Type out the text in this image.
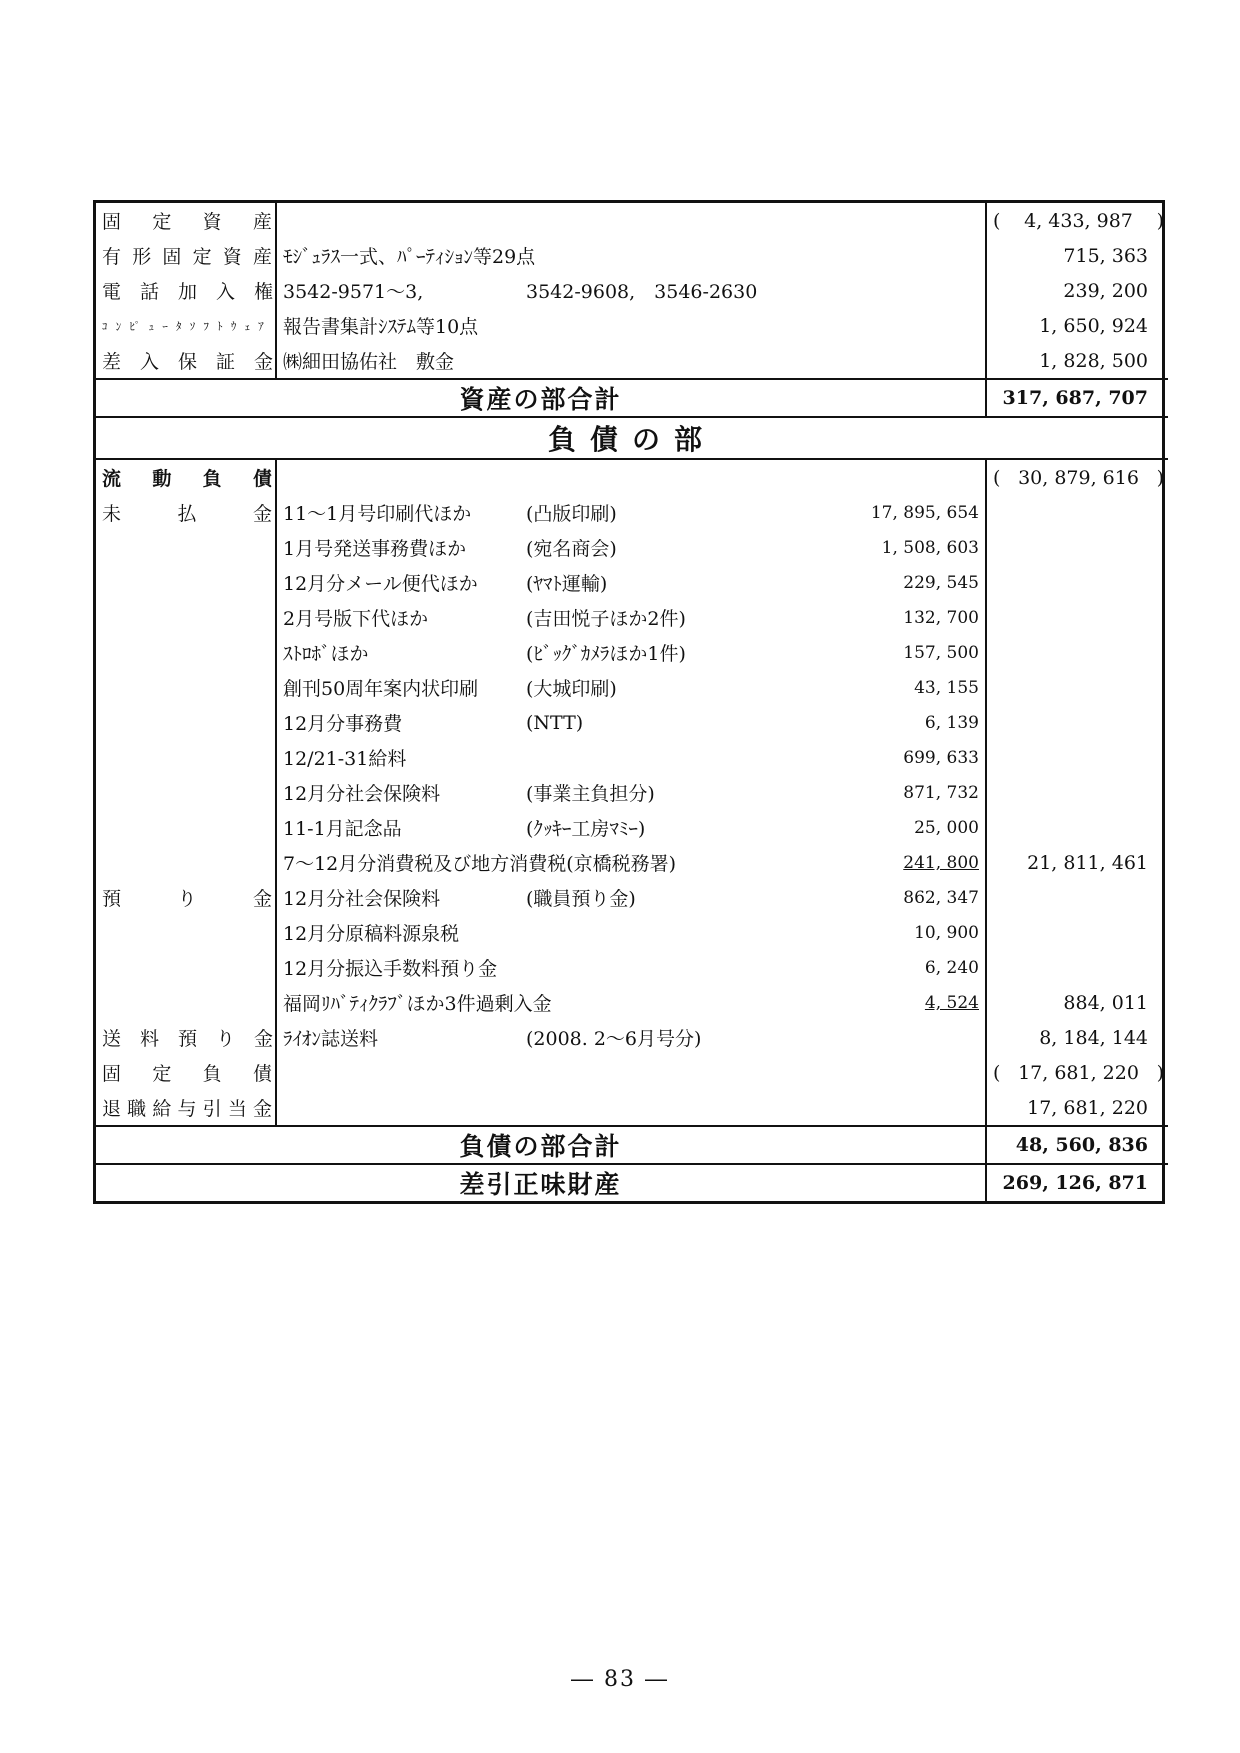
固　定　資　産				( 4, 433, 987 )

有形固定資産	ﾓｼﾞｭﾗｽ一式、ﾊﾟｰﾃｨｼｮﾝ等29点			715, 363

電　話　加　入　権	3542-9571～3,	3542-9608,　3546-2630		239, 200

ｺﾝﾋﾟｭｰﾀｿﾌﾄｳｪｱ	報告書集計ｼｽﾃﾑ等10点			1, 650, 924

差　入　保　証　金	㈱細田協佑社　敷金			1, 828, 500
資産の部合計				317, 687, 707
負債の部				

流　動　負　債				( 30, 879, 616 )

未　　払　　金	11～1月号印刷代ほか	(凸版印刷)	17, 895, 654	
	1月号発送事務費ほか	(宛名商会)	1, 508, 603	
	12月分メール便代ほか	(ﾔﾏﾄ運輸)	229, 545	
	2月号版下代ほか	(吉田悦子ほか2件)	132, 700	
	ｽﾄﾛﾎﾞほか	(ﾋﾞｯｸﾞｶﾒﾗほか1件)	157, 500	
	創刊50周年案内状印刷	(大城印刷)	43, 155	
	12月分事務費	(NTT)	6, 139	
	12/21-31給料		699, 633	
	12月分社会保険料	(事業主負担分)	871, 732	
	11-1月記念品	(ｸｯｷｰ工房ﾏﾐｰ)	25, 000	
	7～12月分消費税及び地方消費税(京橋税務署)		241, 800	21, 811, 461

預　　り　　金	12月分社会保険料	(職員預り金)	862, 347	
	12月分原稿料源泉税		10, 900	
	12月分振込手数料預り金		6, 240	
	福岡ﾘﾊﾞﾃｨｸﾗﾌﾞほか3件過剰入金		4, 524	884, 011

送　料　預　り　金	ﾗｲｵﾝ誌送料	(2008. 2～6月号分)		8, 184, 144

固　定　負　債				( 17, 681, 220 )

退職給与引当金				17, 681, 220
負債の部合計				48, 560, 836
差引正味財産				269, 126, 871
― 83 ―
